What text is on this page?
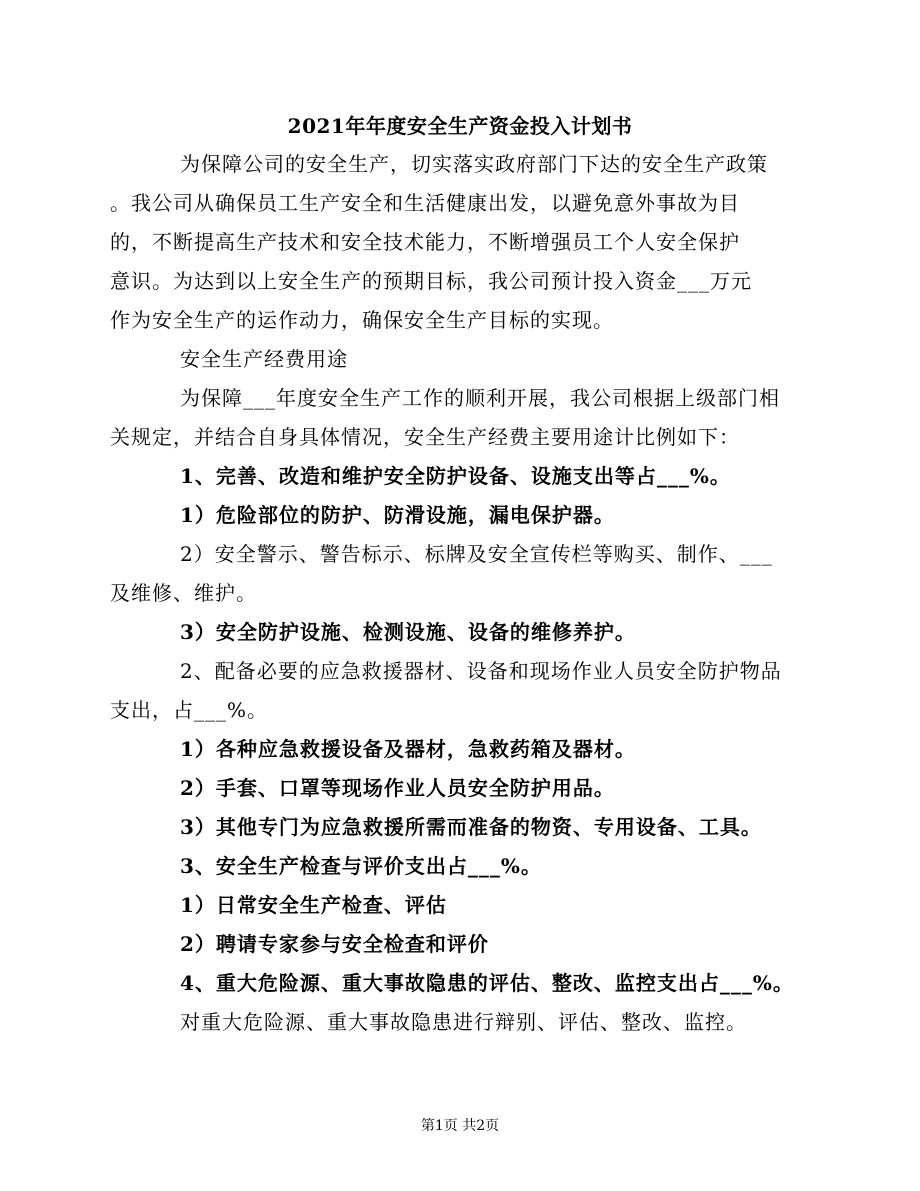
2021年年度安全生产资金投入计划书
为保障公司的安全生产，切实落实政府部门下达的安全生产政策
。我公司从确保员工生产安全和生活健康出发，以避免意外事故为目
的，不断提高生产技术和安全技术能力，不断增强员工个人安全保护
意识。为达到以上安全生产的预期目标，我公司预计投入资金___万元
作为安全生产的运作动力，确保安全生产目标的实现。
安全生产经费用途
为保障___年度安全生产工作的顺利开展，我公司根据上级部门相
关规定，并结合自身具体情况，安全生产经费主要用途计比例如下：
1、完善、改造和维护安全防护设备、设施支出等占___%。
1）危险部位的防护、防滑设施，漏电保护器。
2）安全警示、警告标示、标牌及安全宣传栏等购买、制作、___
及维修、维护。
3）安全防护设施、检测设施、设备的维修养护。
2、配备必要的应急救援器材、设备和现场作业人员安全防护物品
支出，占___%。
1）各种应急救援设备及器材，急救药箱及器材。
2）手套、口罩等现场作业人员安全防护用品。
3）其他专门为应急救援所需而准备的物资、专用设备、工具。
3、安全生产检查与评价支出占___%。
1）日常安全生产检查、评估
2）聘请专家参与安全检查和评价
4、重大危险源、重大事故隐患的评估、整改、监控支出占___%。
对重大危险源、重大事故隐患进行辩别、评估、整改、监控。
第1页 共2页
